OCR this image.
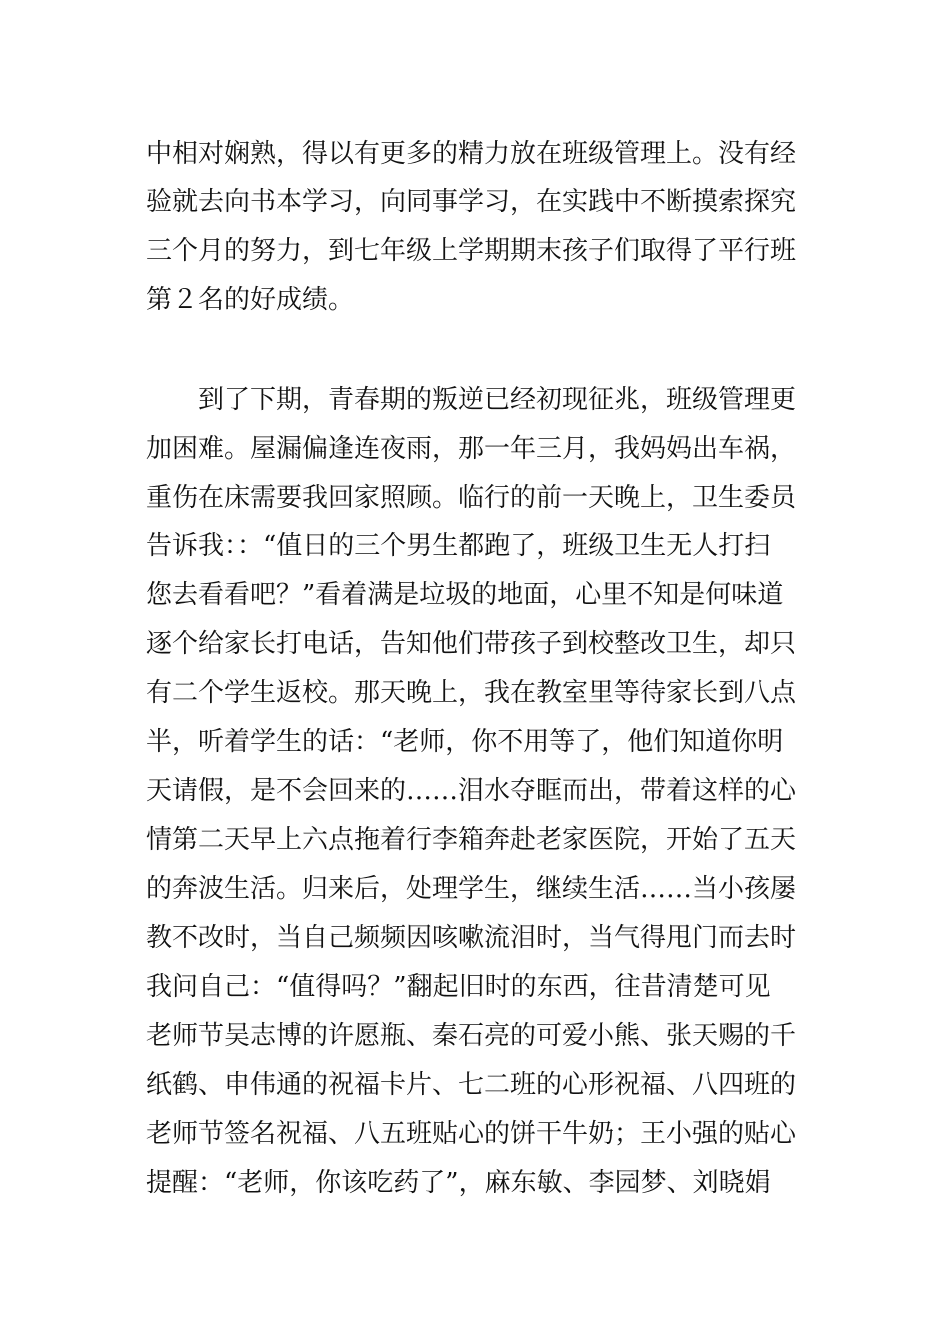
中相对娴熟，得以有更多的精力放在班级管理上。没有经
验就去向书本学习，向同事学习，在实践中不断摸索探究
三个月的努力，到七年级上学期期末孩子们取得了平行班
第２名的好成绩。
到了下期，青春期的叛逆已经初现征兆，班级管理更
加困难。屋漏偏逢连夜雨，那一年三月，我妈妈出车祸，
重伤在床需要我回家照顾。临行的前一天晚上，卫生委员
告诉我：：“值日的三个男生都跑了，班级卫生无人打扫
您去看看吧？”看着满是垃圾的地面，心里不知是何味道
逐个给家长打电话，告知他们带孩子到校整改卫生，却只
有二个学生返校。那天晚上，我在教室里等待家长到八点
半，听着学生的话：“老师，你不用等了，他们知道你明
天请假，是不会回来的……泪水夺眶而出，带着这样的心
情第二天早上六点拖着行李箱奔赴老家医院，开始了五天
的奔波生活。归来后，处理学生，继续生活……当小孩屡
教不改时，当自己频频因咳嗽流泪时，当气得甩门而去时
我问自己：“值得吗？”翻起旧时的东西，往昔清楚可见
老师节吴志博的许愿瓶、秦石亮的可爱小熊、张天赐的千
纸鹤、申伟通的祝福卡片、七二班的心形祝福、八四班的
老师节签名祝福、八五班贴心的饼干牛奶；王小强的贴心
提醒：“老师，你该吃药了”，麻东敏、李园梦、刘晓娟
